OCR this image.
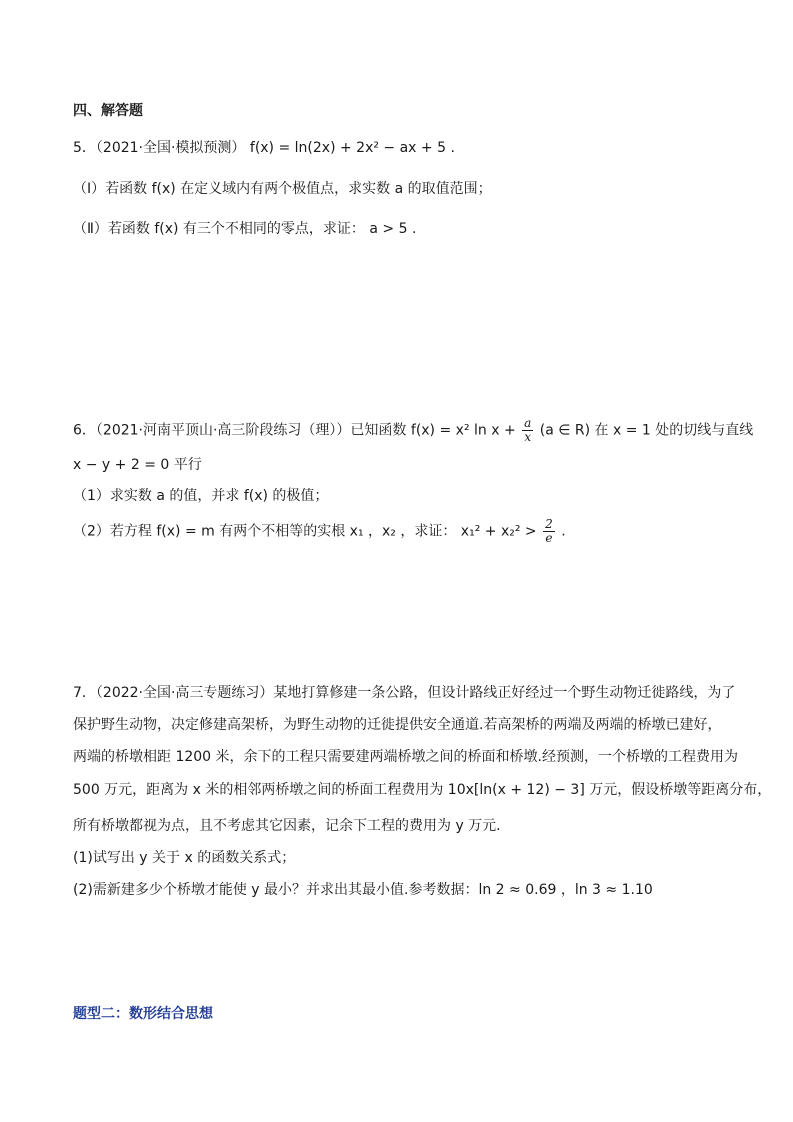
四、解答题
5．（2021·全国·模拟预测） f(x) = ln(2x) + 2x² − ax + 5 .
（Ⅰ）若函数 f(x) 在定义域内有两个极值点，求实数 a 的取值范围；
（Ⅱ）若函数 f(x) 有三个不相同的零点，求证： a > 5 .
6．（2021·河南平顶山·高三阶段练习（理））已知函数 f(x) = x² $\ln x + \frac{a}{x} (a$ ∈ R) 在 x = 1 处的切线与直线
x − y + 2 = 0 平行
（1）求实数 a 的值，并求 f(x) 的极值；
（2）若方程 f(x) = m 有两个不相等的实根 x₁ ，x₂ ，求证： $x_1^2 + x_2^2 > \frac{2}{e}$ .
7．（2022·全国·高三专题练习）某地打算修建一条公路，但设计路线正好经过一个野生动物迁徙路线，为了
保护野生动物，决定修建高架桥，为野生动物的迁徙提供安全通道.若高架桥的两端及两端的桥墩已建好，
两端的桥墩相距 1200 米，余下的工程只需要建两端桥墩之间的桥面和桥墩.经预测，一个桥墩的工程费用为
500 万元，距离为 x 米的相邻两桥墩之间的桥面工程费用为 10x[ln(x + 12) − 3] 万元，假设桥墩等距离分布，
所有桥墩都视为点，且不考虑其它因素，记余下工程的费用为 y 万元.
(1)试写出 y 关于 x 的函数关系式；
(2)需新建多少个桥墩才能使 y 最小？并求出其最小值.参考数据：ln 2 ≈ 0.69 ，ln 3 ≈ 1.10
题型二：数形结合思想
